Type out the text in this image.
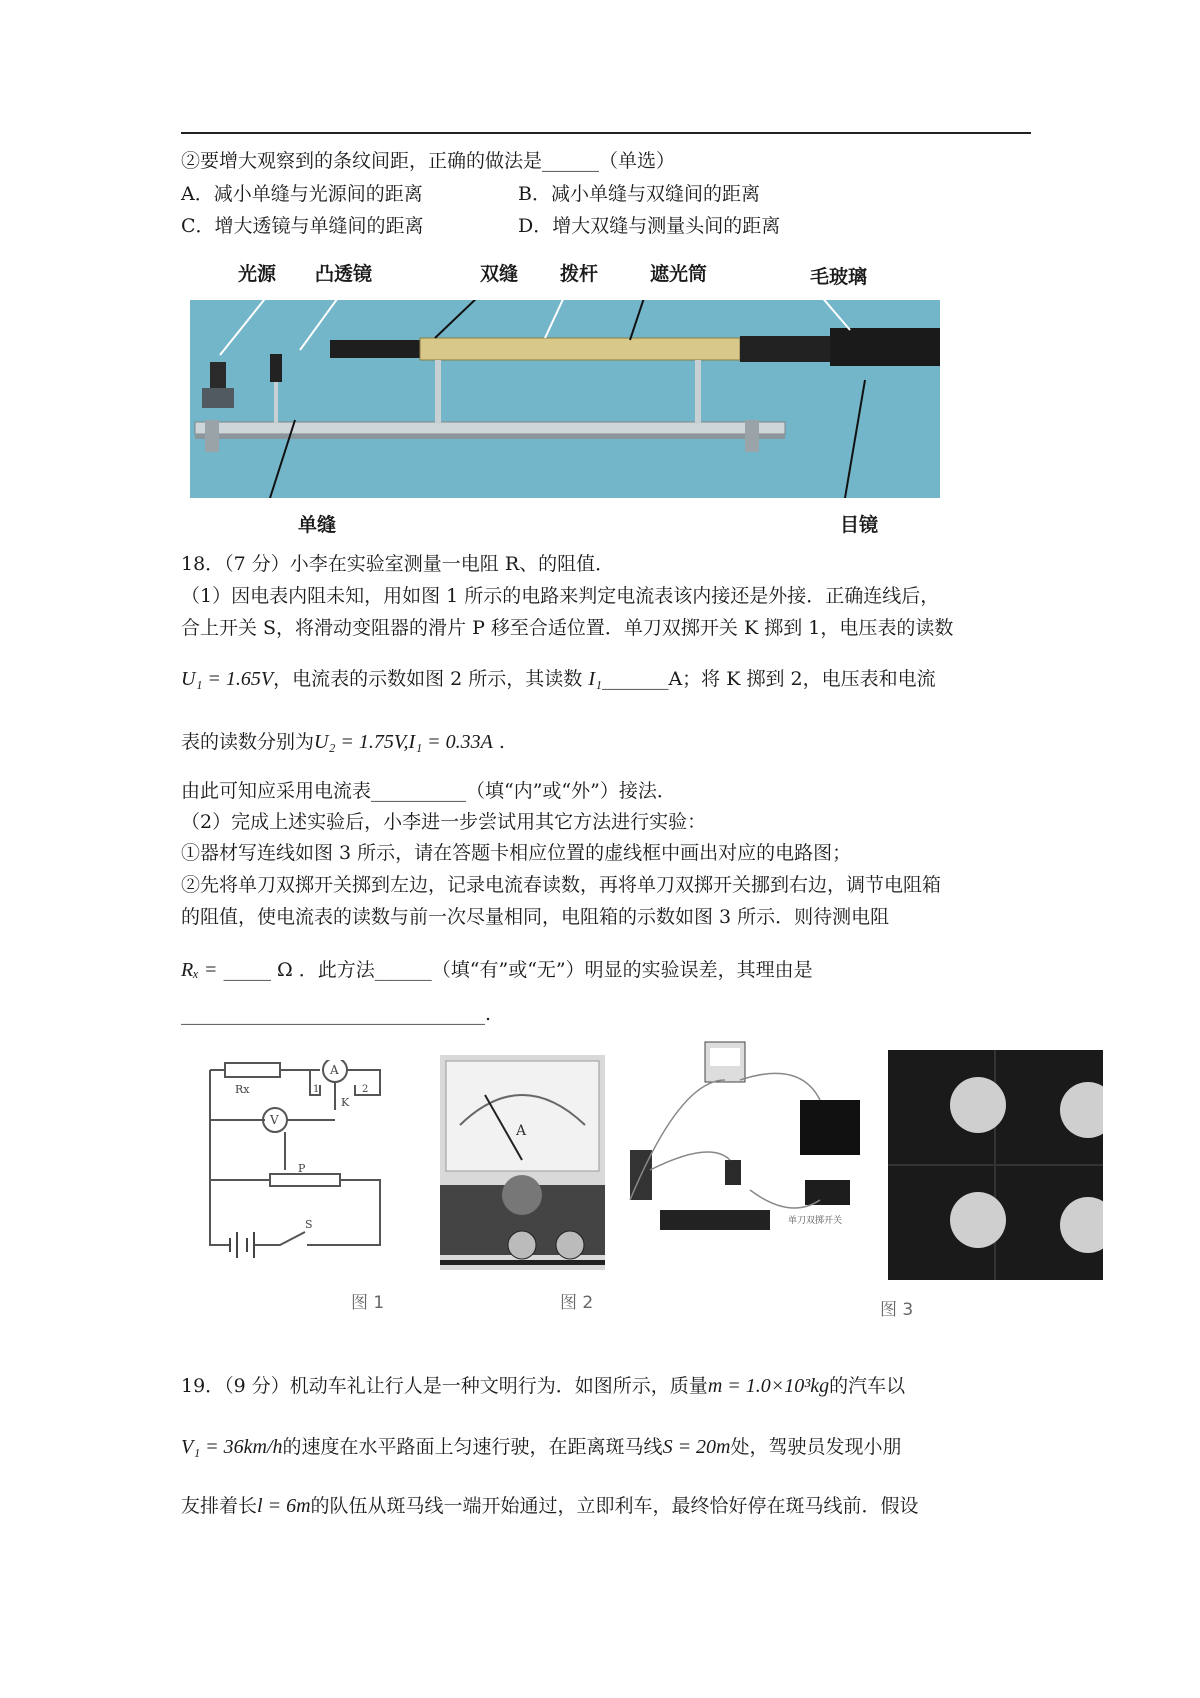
②要增大观察到的条纹间距，正确的做法是______（单选）
A．减小单缝与光源间的距离	B．减小单缝与双缝间的距离
C．增大透镜与单缝间的距离	D．增大双缝与测量头间的距离
光源 凸透镜	双缝 拨杆	遮光筒	毛玻璃
单缝	目镜
18．（7 分）小李在实验室测量一电阻 R、的阻值．
（1）因电表内阻未知，用如图 1 所示的电路来判定电流表该内接还是外接．正确连线后，
合上开关 S，将滑动变阻器的滑片 P 移至合适位置．单刀双掷开关 K 掷到 1，电压表的读数
U₁ = 1.65V，电流表的示数如图 2 所示，其读数 I₁_______A；将 K 掷到 2，电压表和电流
表的读数分别为U₂ = 1.75V,I₁ = 0.33A .
由此可知应采用电流表__________（填“内”或“外”）接法．
（2）完成上述实验后，小李进一步尝试用其它方法进行实验：
①器材写连线如图 3 所示，请在答题卡相应位置的虚线框中画出对应的电路图；
②先将单刀双掷开关掷到左边，记录电流春读数，再将单刀双掷开关挪到右边，调节电阻箱
的阻值，使电流表的读数与前一次尽量相同，电阻箱的示数如图 3 所示．则待测电阻
Rₓ = _____ Ω ．此方法______（填“有”或“无”）明显的实验误差，其理由是
________________________________.
Rx
A
V
K
P
S
1	2
图 1
A
图 2
单刀双掷开关
图 3
19．（9 分）机动车礼让行人是一种文明行为．如图所示，质量m = 1.0×10³kg的汽车以
V₁ = 36km/h的速度在水平路面上匀速行驶，在距离斑马线S = 20m处，驾驶员发现小朋
友排着长l = 6m的队伍从斑马线一端开始通过，立即利车，最终恰好停在斑马线前．假设
